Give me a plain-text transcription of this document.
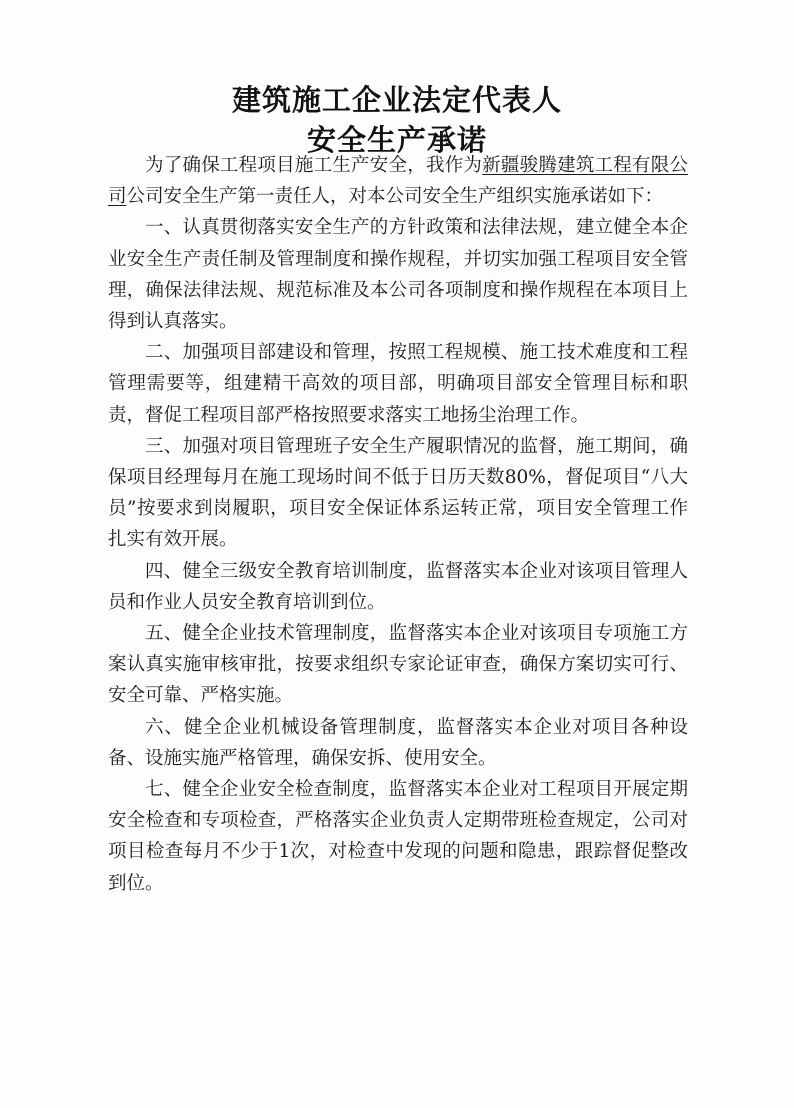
建筑施工企业法定代表人
安全生产承诺

为了确保工程项目施工生产安全，我作为新疆骏腾建筑工程有限公司公司安全生产第一责任人，对本公司安全生产组织实施承诺如下：

一、认真贯彻落实安全生产的方针政策和法律法规，建立健全本企业安全生产责任制及管理制度和操作规程，并切实加强工程项目安全管理，确保法律法规、规范标准及本公司各项制度和操作规程在本项目上得到认真落实。

二、加强项目部建设和管理，按照工程规模、施工技术难度和工程管理需要等，组建精干高效的项目部，明确项目部安全管理目标和职责，督促工程项目部严格按照要求落实工地扬尘治理工作。

三、加强对项目管理班子安全生产履职情况的监督，施工期间，确保项目经理每月在施工现场时间不低于日历天数80%，督促项目“八大员”按要求到岗履职，项目安全保证体系运转正常，项目安全管理工作扎实有效开展。

四、健全三级安全教育培训制度，监督落实本企业对该项目管理人员和作业人员安全教育培训到位。

五、健全企业技术管理制度，监督落实本企业对该项目专项施工方案认真实施审核审批，按要求组织专家论证审查，确保方案切实可行、安全可靠、严格实施。

六、健全企业机械设备管理制度，监督落实本企业对项目各种设备、设施实施严格管理，确保安拆、使用安全。

七、健全企业安全检查制度，监督落实本企业对工程项目开展定期安全检查和专项检查，严格落实企业负责人定期带班检查规定，公司对项目检查每月不少于1次，对检查中发现的问题和隐患，跟踪督促整改到位。
